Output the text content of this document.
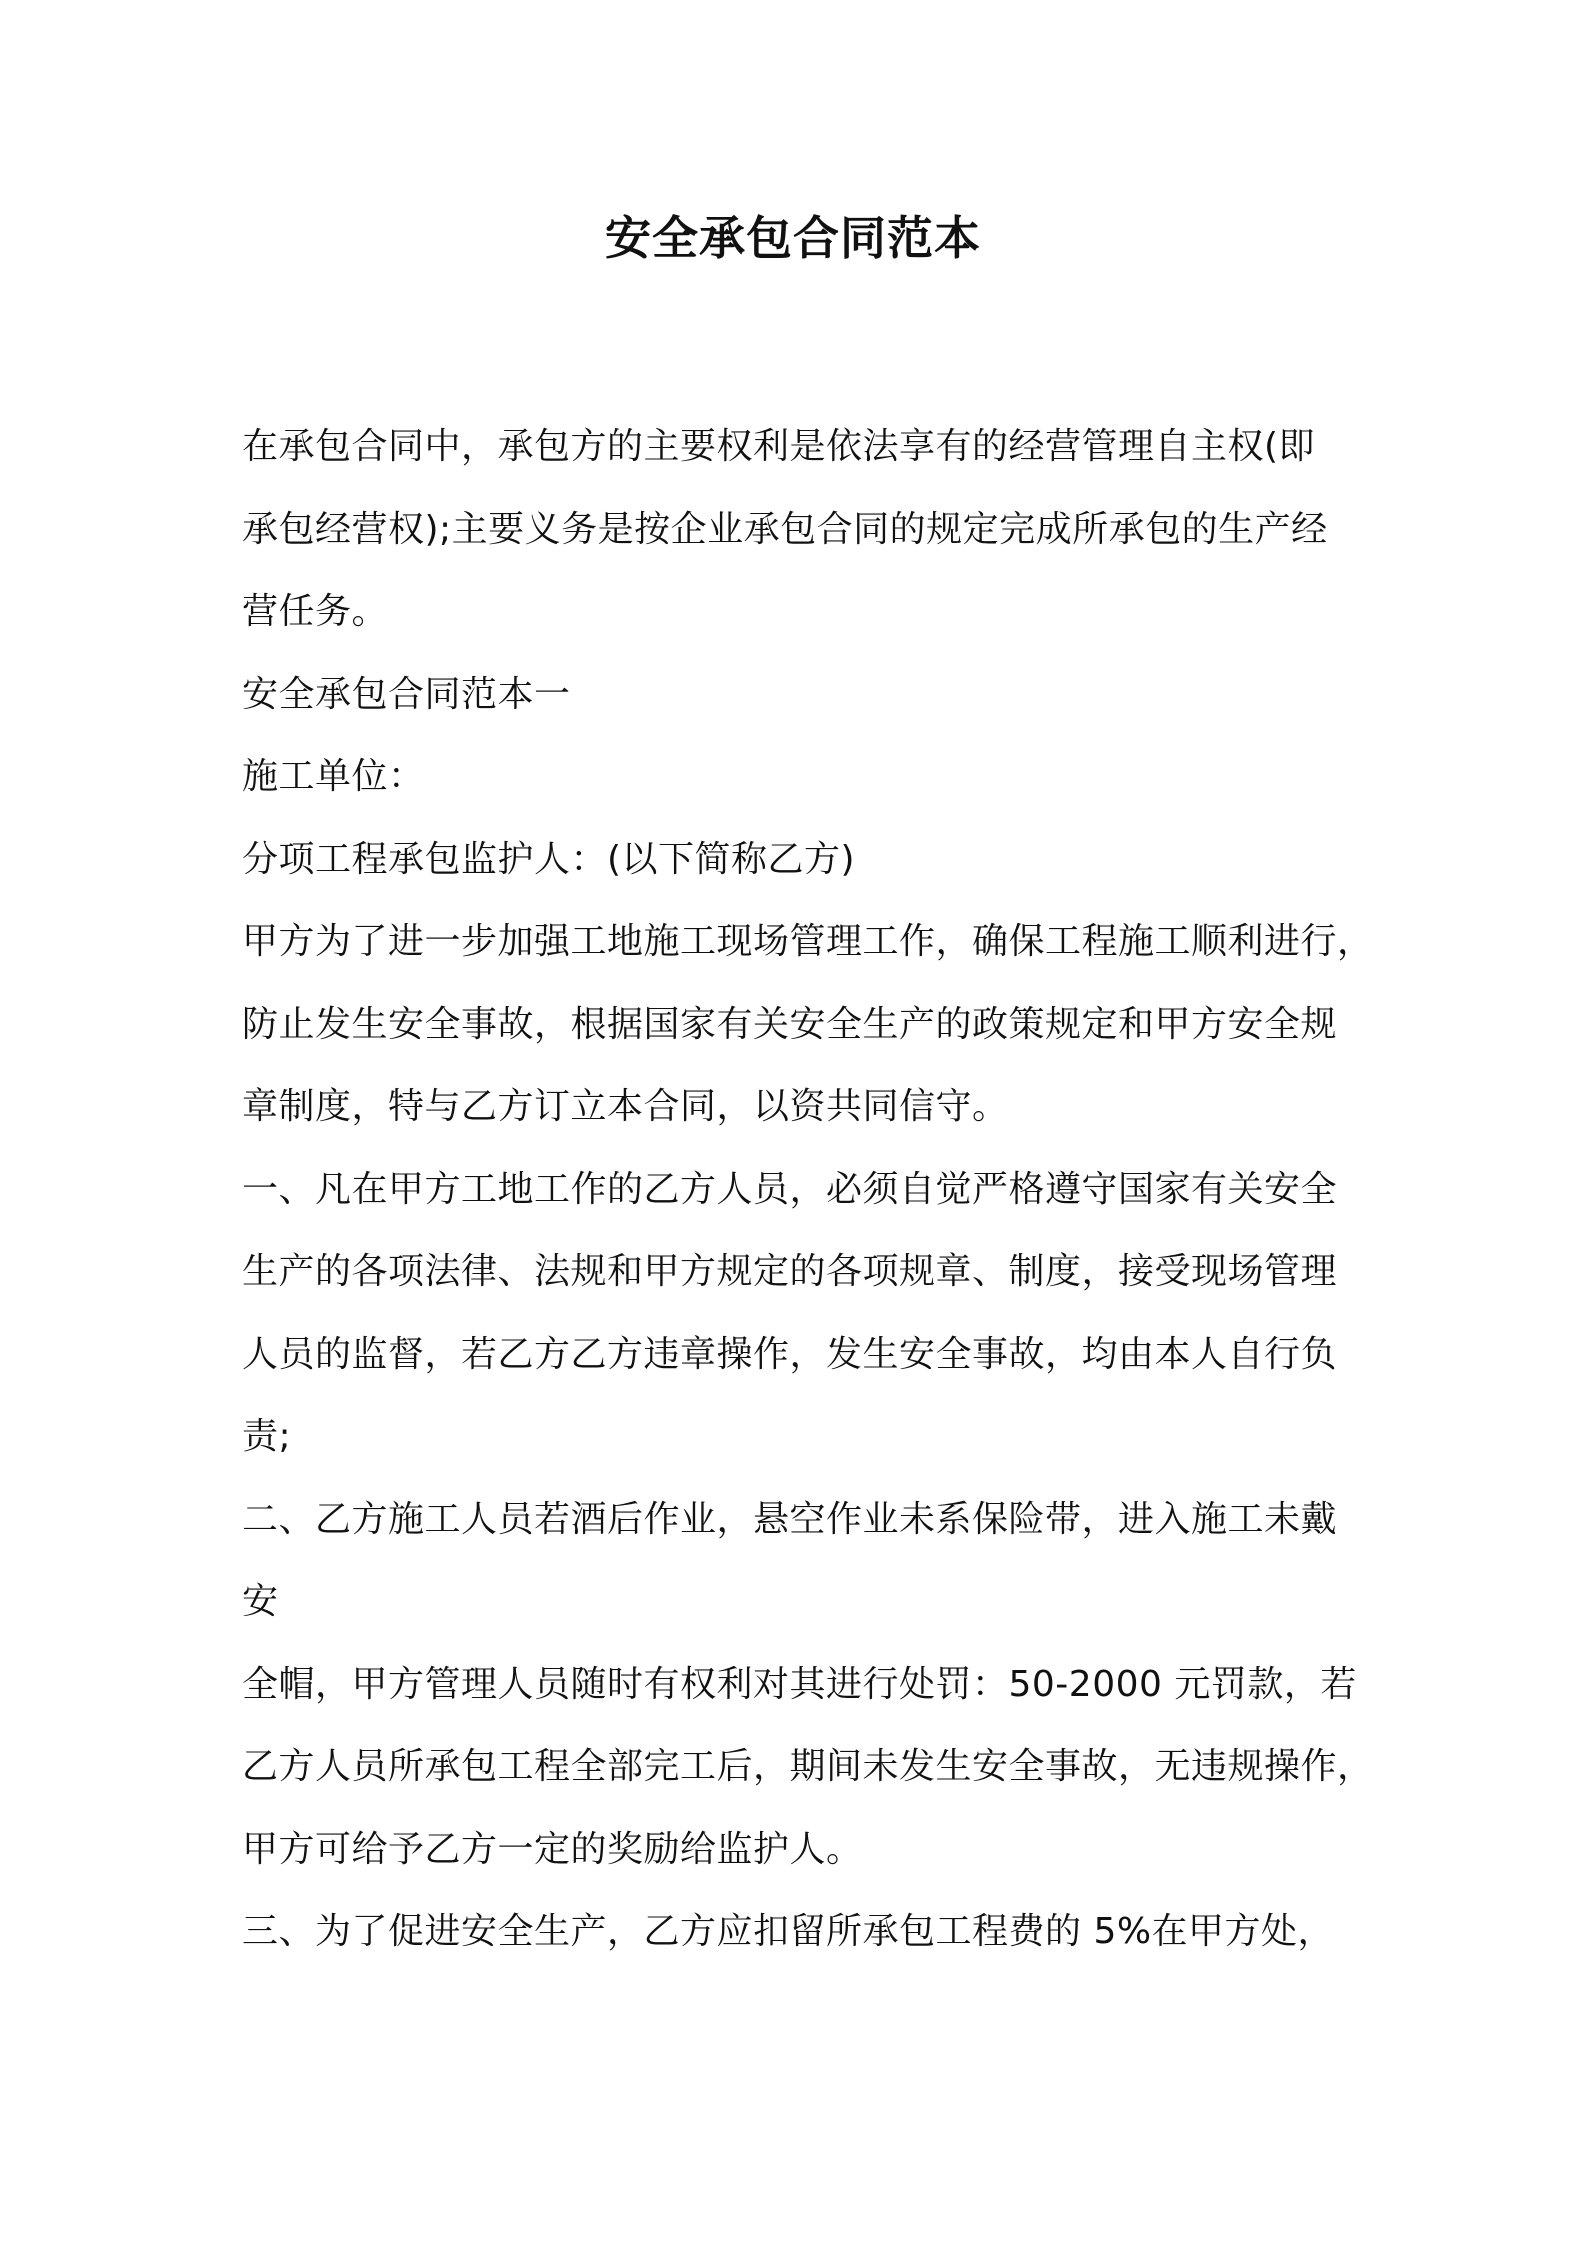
安全承包合同范本
在承包合同中，承包方的主要权利是依法享有的经营管理自主权(即
承包经营权);主要义务是按企业承包合同的规定完成所承包的生产经
营任务。
安全承包合同范本一
施工单位：
分项工程承包监护人：(以下简称乙方)
甲方为了进一步加强工地施工现场管理工作，确保工程施工顺利进行，
防止发生安全事故，根据国家有关安全生产的政策规定和甲方安全规
章制度，特与乙方订立本合同，以资共同信守。
一、凡在甲方工地工作的乙方人员，必须自觉严格遵守国家有关安全
生产的各项法律、法规和甲方规定的各项规章、制度，接受现场管理
人员的监督，若乙方乙方违章操作，发生安全事故，均由本人自行负
责;
二、乙方施工人员若酒后作业，悬空作业未系保险带，进入施工未戴
安
全帽，甲方管理人员随时有权利对其进行处罚：50-2000 元罚款，若
乙方人员所承包工程全部完工后，期间未发生安全事故，无违规操作，
甲方可给予乙方一定的奖励给监护人。
三、为了促进安全生产，乙方应扣留所承包工程费的 5%在甲方处，
